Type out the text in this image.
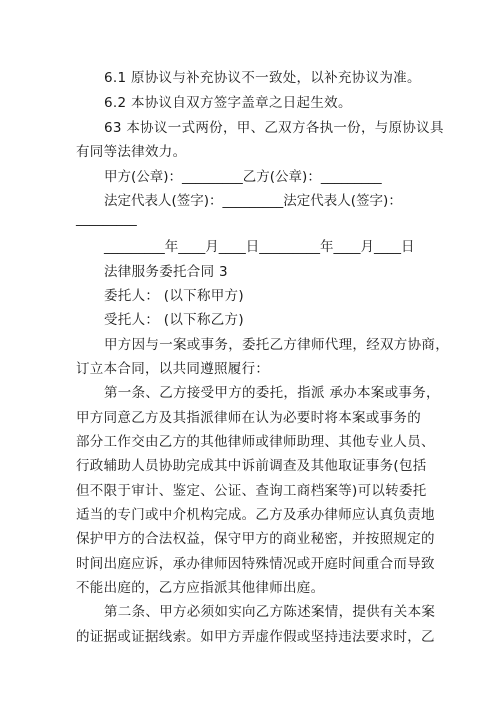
6.1 原协议与补充协议不一致处，以补充协议为准。
6.2 本协议自双方签字盖章之日起生效。
63 本协议一式两份，甲、乙双方各执一份，与原协议具
有同等法律效力。
甲方(公章)：_________乙方(公章)：_________
法定代表人(签字)：_________法定代表人(签字)：
_________
_________年____月____日_________年____月____日
法律服务委托合同 3
委托人： (以下称甲方)
受托人： (以下称乙方)
甲方因与一案或事务，委托乙方律师代理，经双方协商，
订立本合同，以共同遵照履行：
第一条、乙方接受甲方的委托，指派 承办本案或事务，
甲方同意乙方及其指派律师在认为必要时将本案或事务的
部分工作交由乙方的其他律师或律师助理、其他专业人员、
行政辅助人员协助完成其中诉前调查及其他取证事务(包括
但不限于审计、鉴定、公证、查询工商档案等)可以转委托
适当的专门或中介机构完成。乙方及承办律师应认真负责地
保护甲方的合法权益，保守甲方的商业秘密，并按照规定的
时间出庭应诉，承办律师因特殊情况或开庭时间重合而导致
不能出庭的，乙方应指派其他律师出庭。
第二条、甲方必须如实向乙方陈述案情，提供有关本案
的证据或证据线索。如甲方弄虚作假或坚持违法要求时，乙
